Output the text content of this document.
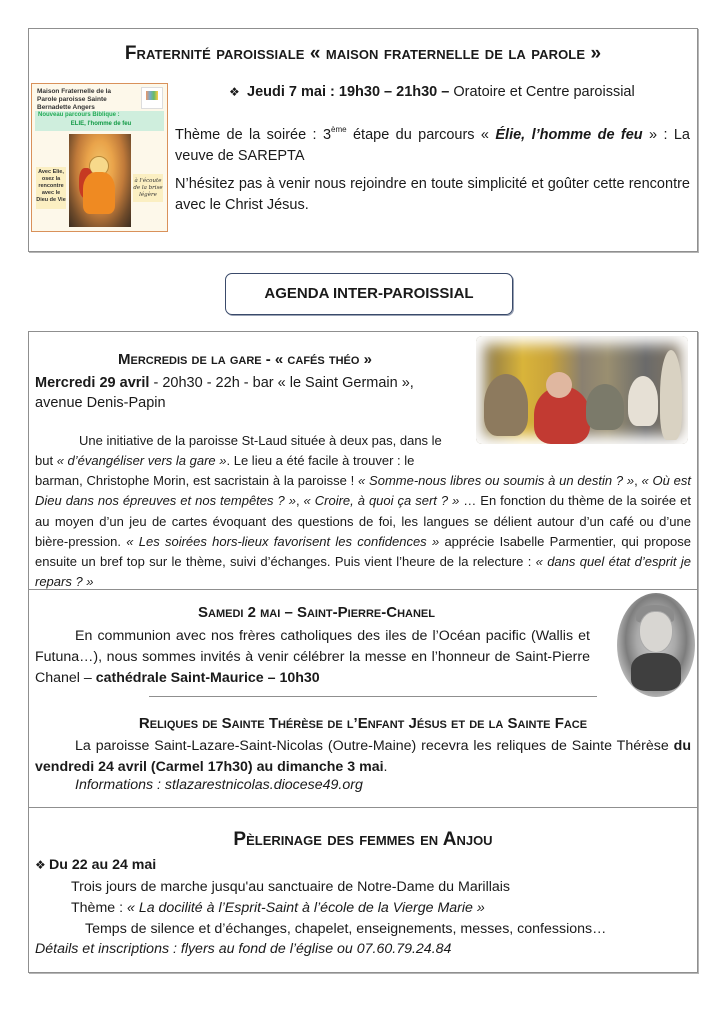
Fraternité paroissiale « maison fraternelle de la parole »
Maison Fraternelle de la Parole paroisse Sainte Bernadette Angers
Nouveau parcours Biblique :
ELIE, l'homme de feu
Avec Elie, osez la rencontre avec le Dieu de Vie
à l'écoute de la brise légère
❖ Jeudi 7 mai : 19h30 – 21h30 – Oratoire et Centre paroissial
Thème de la soirée : 3ème étape du parcours « Élie, l’homme de feu » : La veuve de SAREPTA
N’hésitez pas à venir nous rejoindre en toute simplicité et goûter cette rencontre avec le Christ Jésus.
AGENDA INTER-PAROISSIAL
Mercredis de la gare - « cafés théo »
Mercredi 29 avril - 20h30 - 22h - bar « le Saint Germain », avenue Denis-Papin
Une initiative de la paroisse St-Laud située à deux pas, dans le
but « d’évangéliser vers la gare ». Le lieu a été facile à trouver : le
barman, Christophe Morin, est sacristain à la paroisse ! « Somme-nous libres ou soumis à un destin ? », « Où est Dieu dans nos épreuves et nos tempêtes ? », « Croire, à quoi ça sert ? » … En fonction du thème de la soirée et au moyen d’un jeu de cartes évoquant des questions de foi, les langues se délient autour d’un café ou d’une bière-pression. « Les soirées hors-lieux favorisent les confidences » apprécie Isabelle Parmentier, qui propose ensuite un bref top sur le thème, suivi d’échanges. Puis vient l’heure de la relecture : « dans quel état d’esprit je repars ? »
Samedi 2 mai – Saint-Pierre-Chanel
En communion avec nos frères catholiques des iles de l’Océan pacific (Wallis et Futuna…), nous sommes invités à venir célébrer la messe en l’honneur de Saint-Pierre Chanel – cathédrale Saint-Maurice – 10h30
Reliques de Sainte Thérèse de l’Enfant Jésus et de la Sainte Face
La paroisse Saint-Lazare-Saint-Nicolas (Outre-Maine) recevra les reliques de Sainte Thérèse du vendredi 24 avril (Carmel 17h30) au dimanche 3 mai.
Informations : stlazarestnicolas.diocese49.org
Pèlerinage des femmes en Anjou
❖ Du 22 au 24 mai
Trois jours de marche jusqu'au sanctuaire de Notre-Dame du Marillais
Thème : « La docilité à l’Esprit-Saint à l’école de la Vierge Marie »
Temps de silence et d’échanges, chapelet, enseignements, messes, confessions…
Détails et inscriptions : flyers au fond de l’église ou 07.60.79.24.84
